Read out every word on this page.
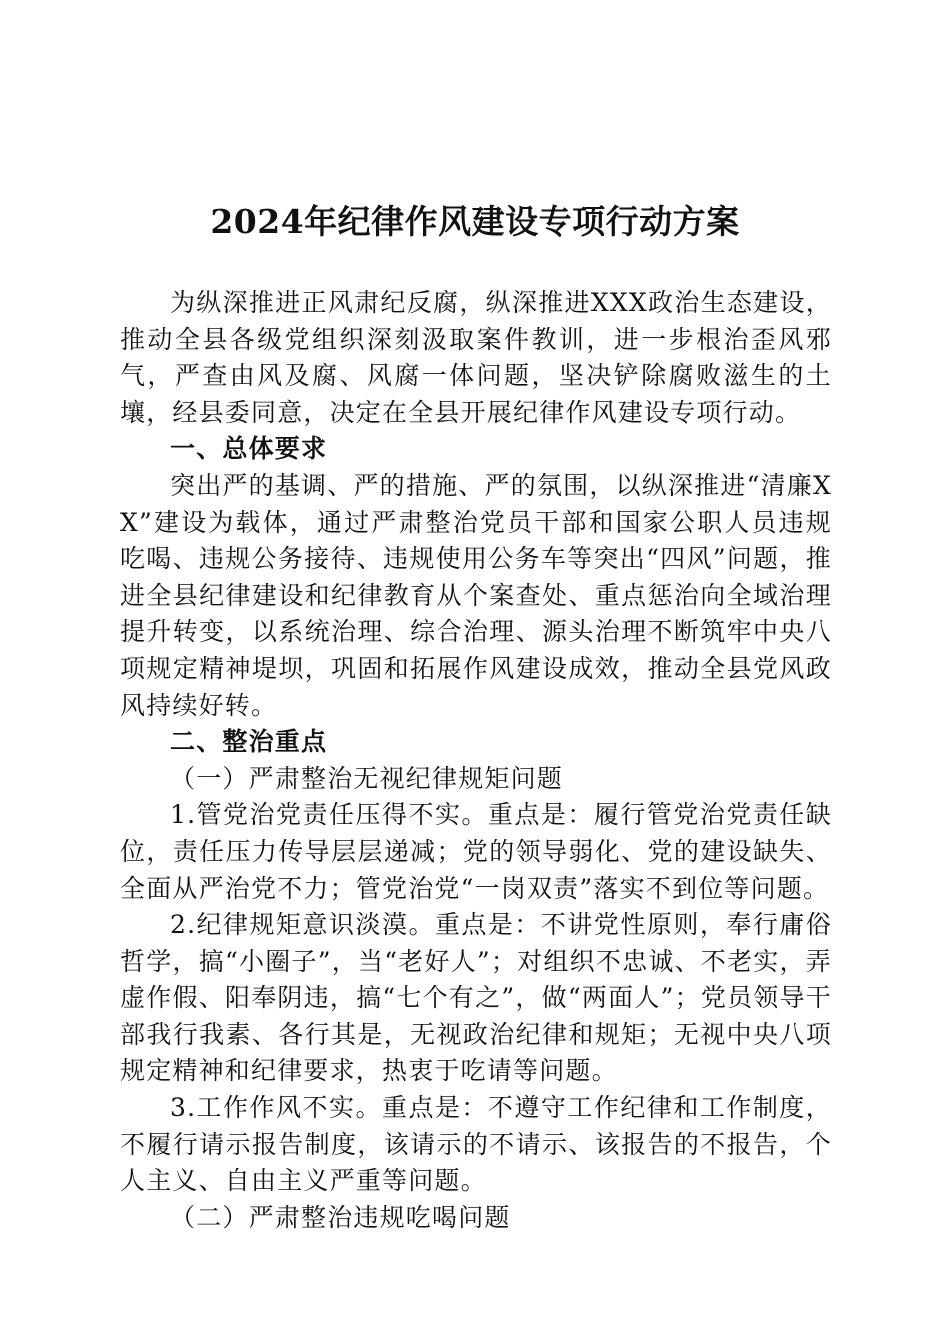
2024年纪律作风建设专项行动方案

为纵深推进正风肃纪反腐，纵深推进XXX政治生态建设，推动全县各级党组织深刻汲取案件教训，进一步根治歪风邪气，严查由风及腐、风腐一体问题，坚决铲除腐败滋生的土壤，经县委同意，决定在全县开展纪律作风建设专项行动。

一、总体要求

突出严的基调、严的措施、严的氛围，以纵深推进“清廉XX”建设为载体，通过严肃整治党员干部和国家公职人员违规吃喝、违规公务接待、违规使用公务车等突出“四风”问题，推进全县纪律建设和纪律教育从个案查处、重点惩治向全域治理提升转变，以系统治理、综合治理、源头治理不断筑牢中央八项规定精神堤坝，巩固和拓展作风建设成效，推动全县党风政风持续好转。

二、整治重点

（一）严肃整治无视纪律规矩问题

1.管党治党责任压得不实。重点是：履行管党治党责任缺位，责任压力传导层层递减；党的领导弱化、党的建设缺失、全面从严治党不力；管党治党“一岗双责”落实不到位等问题。

2.纪律规矩意识淡漠。重点是：不讲党性原则，奉行庸俗哲学，搞“小圈子”，当“老好人”；对组织不忠诚、不老实，弄虚作假、阳奉阴违，搞“七个有之”，做“两面人”；党员领导干部我行我素、各行其是，无视政治纪律和规矩；无视中央八项规定精神和纪律要求，热衷于吃请等问题。

3.工作作风不实。重点是：不遵守工作纪律和工作制度，不履行请示报告制度，该请示的不请示、该报告的不报告，个人主义、自由主义严重等问题。

（二）严肃整治违规吃喝问题
